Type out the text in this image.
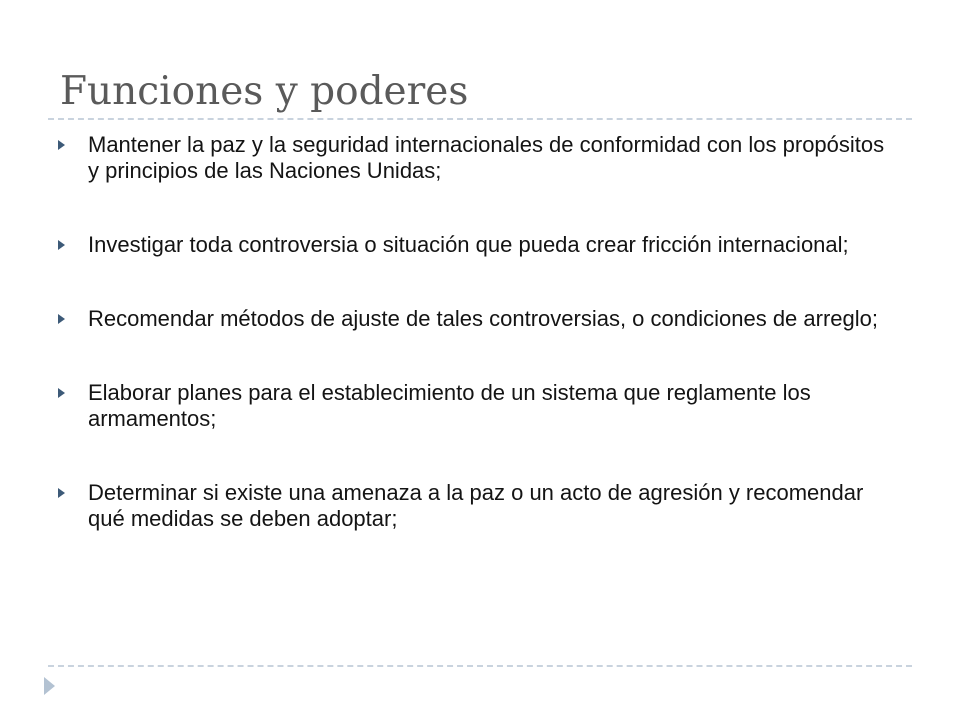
Funciones y poderes
Mantener la paz y la seguridad internacionales de conformidad con los propósitos y principios de las Naciones Unidas;
Investigar toda controversia o situación que pueda crear fricción internacional;
Recomendar métodos de ajuste de tales controversias, o condiciones de arreglo;
Elaborar planes para el establecimiento de un sistema que reglamente los armamentos;
Determinar si existe una amenaza a la paz o un acto de agresión y recomendar qué medidas se deben adoptar;
